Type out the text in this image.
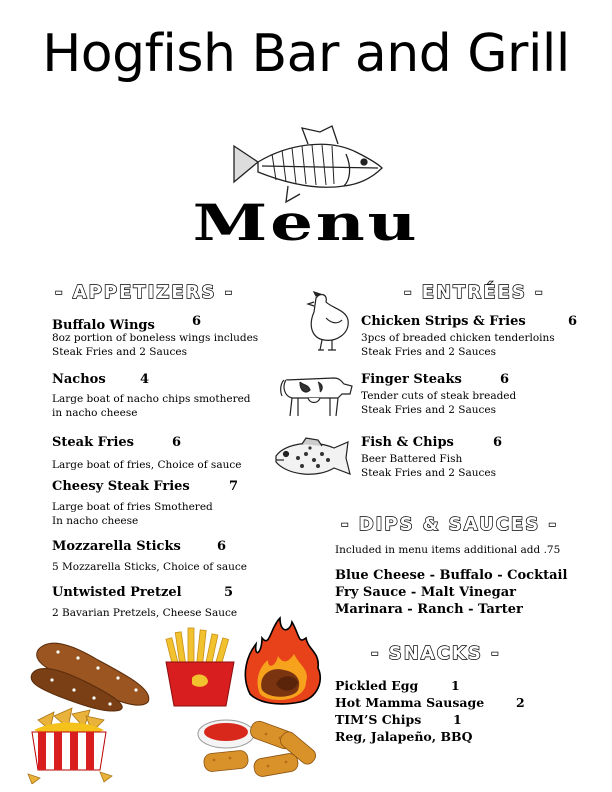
Hogfish Bar and Grill
Menu
- APPETIZERS -
Buffalo Wings	6
8oz portion of boneless wings includes
Steak Fries and 2 Sauces
Nachos	4
Large boat of nacho chips smothered
in nacho cheese
Steak Fries	6
Large boat of fries, Choice of sauce
Cheesy Steak Fries	7
Large boat of fries Smothered
In nacho cheese
Mozzarella Sticks	6
5 Mozzarella Sticks, Choice of sauce
Untwisted Pretzel	5
2 Bavarian Pretzels, Cheese Sauce
- ENTRÉES -
Chicken Strips & Fries	6
3pcs of breaded chicken tenderloins
Steak Fries and 2 Sauces
Finger Steaks	6
Tender cuts of steak breaded
Steak Fries and 2 Sauces
Fish & Chips	6
Beer Battered Fish
Steak Fries and 2 Sauces
- DIPS & SAUCES -
Included in menu items additional add .75
Blue Cheese - Buffalo - Cocktail
Fry Sauce - Malt Vinegar
Marinara - Ranch - Tarter
- SNACKS -
Pickled Egg	1
Hot Mamma Sausage	2
TIM’S Chips	1
Reg, Jalapeño, BBQ
